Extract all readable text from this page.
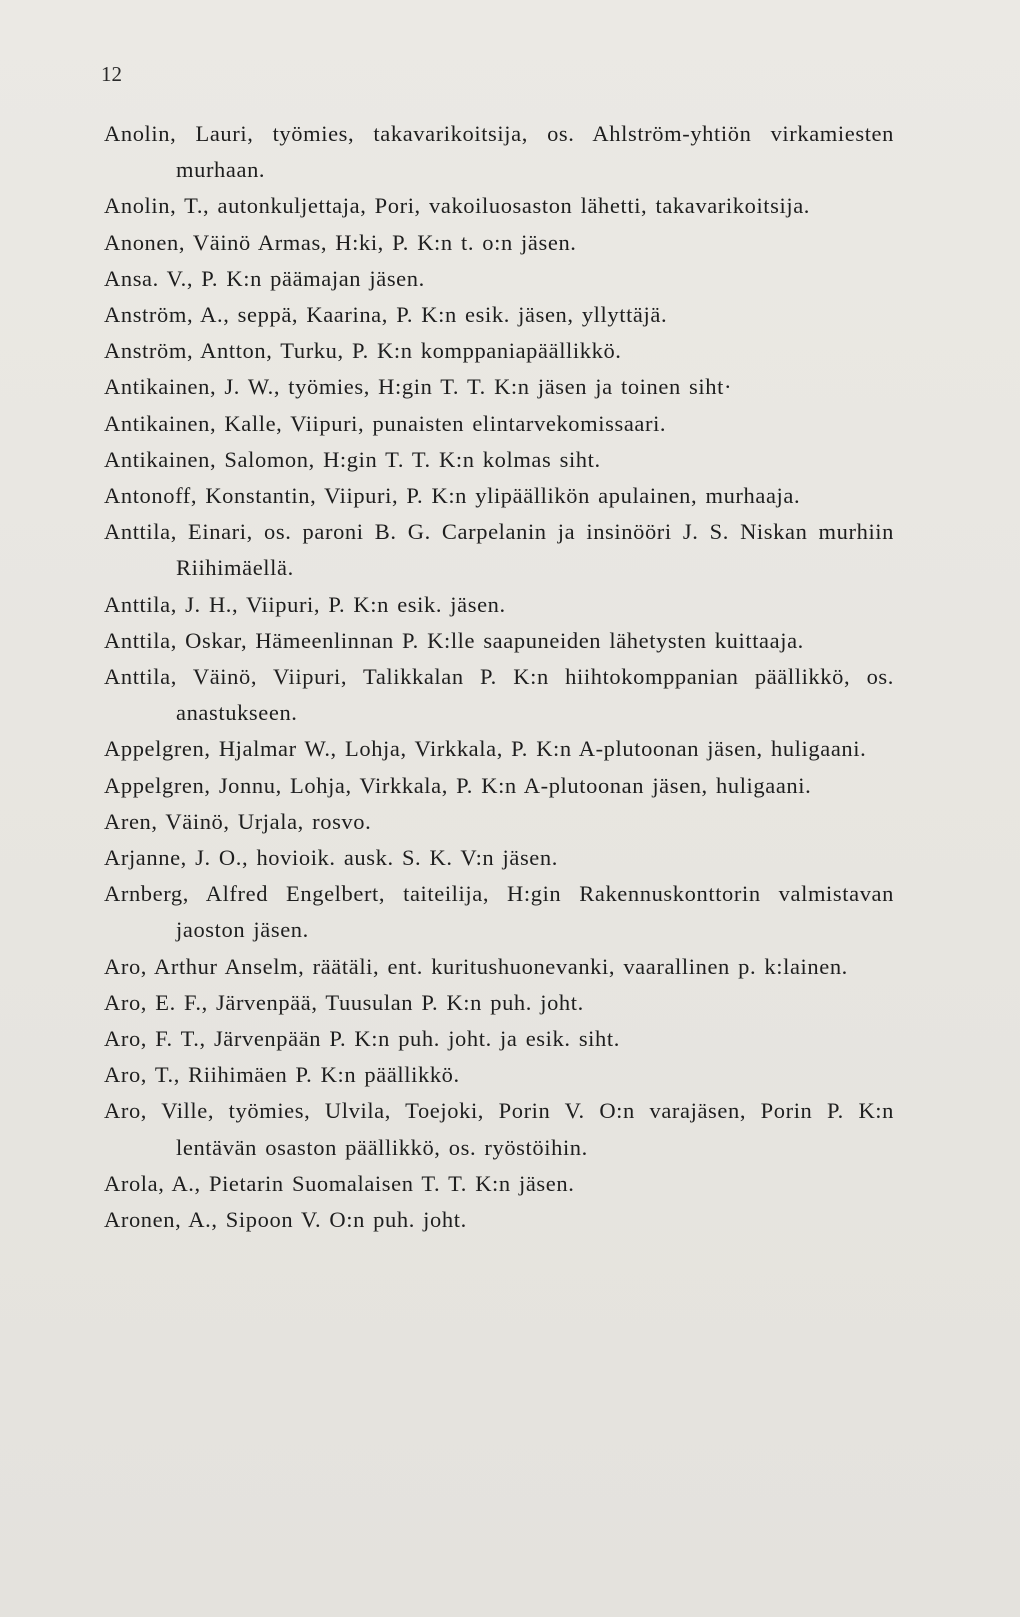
12

Anolin, Lauri, työmies, takavarikoitsija, os. Ahlström-yhtiön virkamiesten murhaan.

Anolin, T., autonkuljettaja, Pori, vakoiluosaston lähetti, takavarikoitsija.

Anonen, Väinö Armas, H:ki, P. K:n t. o:n jäsen.

Ansa. V., P. K:n päämajan jäsen.

Anström, A., seppä, Kaarina, P. K:n esik. jäsen, yllyttäjä.

Anström, Antton, Turku, P. K:n komppaniapäällikkö.

Antikainen, J. W., työmies, H:gin T. T. K:n jäsen ja toinen siht·

Antikainen, Kalle, Viipuri, punaisten elintarvekomissaari.

Antikainen, Salomon, H:gin T. T. K:n kolmas siht.

Antonoff, Konstantin, Viipuri, P. K:n ylipäällikön apulainen, murhaaja.

Anttila, Einari, os. paroni B. G. Carpelanin ja insinööri J. S. Niskan murhiin Riihimäellä.

Anttila, J. H., Viipuri, P. K:n esik. jäsen.

Anttila, Oskar, Hämeenlinnan P. K:lle saapuneiden lähetysten kuittaaja.

Anttila, Väinö, Viipuri, Talikkalan P. K:n hiihtokomppanian päällikkö, os. anastukseen.

Appelgren, Hjalmar W., Lohja, Virkkala, P. K:n A-plutoonan jäsen, huligaani.

Appelgren, Jonnu, Lohja, Virkkala, P. K:n A-plutoonan jäsen, huligaani.

Aren, Väinö, Urjala, rosvo.

Arjanne, J. O., hovioik. ausk. S. K. V:n jäsen.

Arnberg, Alfred Engelbert, taiteilija, H:gin Rakennuskonttorin valmistavan jaoston jäsen.

Aro, Arthur Anselm, räätäli, ent. kuritushuonevanki, vaarallinen p. k:lainen.

Aro, E. F., Järvenpää, Tuusulan P. K:n puh. joht.

Aro, F. T., Järvenpään P. K:n puh. joht. ja esik. siht.

Aro, T., Riihimäen P. K:n päällikkö.

Aro, Ville, työmies, Ulvila, Toejoki, Porin V. O:n varajäsen, Porin P. K:n lentävän osaston päällikkö, os. ryöstöihin.

Arola, A., Pietarin Suomalaisen T. T. K:n jäsen.

Aronen, A., Sipoon V. O:n puh. joht.
